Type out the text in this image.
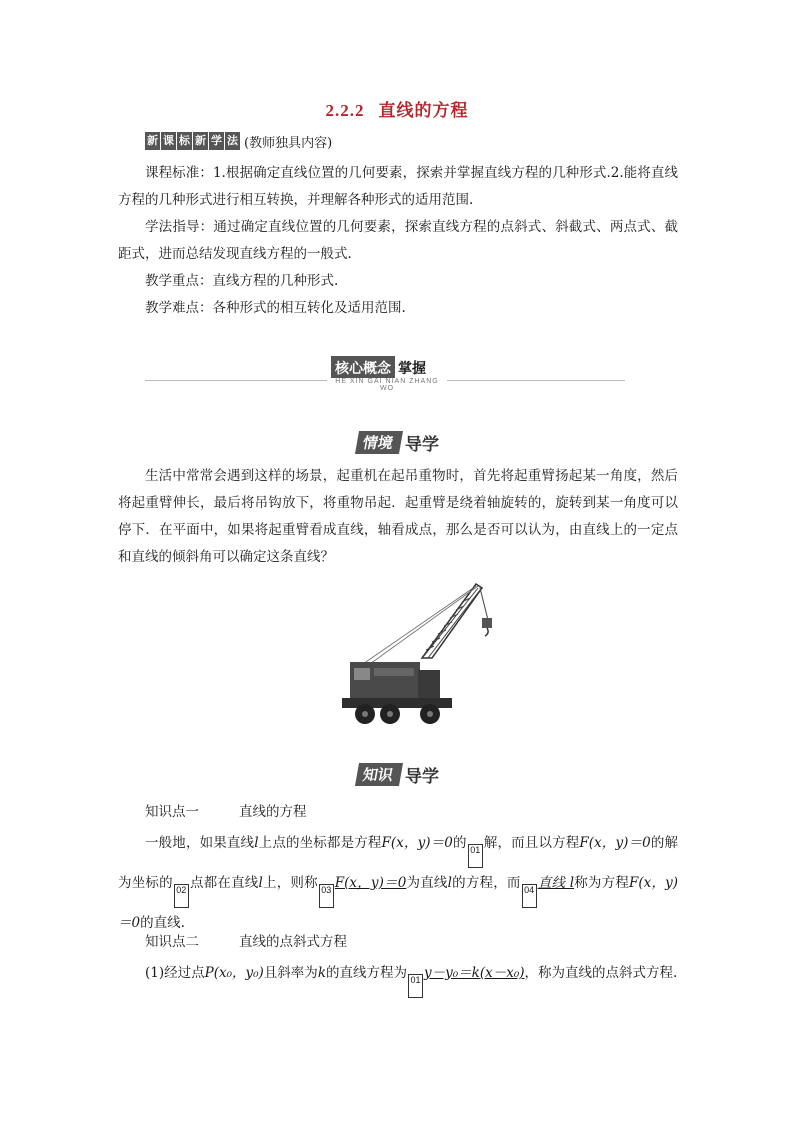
2.2.2 直线的方程
新 课 标 新 学 法 (教师独具内容)

课程标准：1.根据确定直线位置的几何要素，探索并掌握直线方程的几种形式.2.能将直线方程的几种形式进行相互转换，并理解各种形式的适用范围.

学法指导：通过确定直线位置的几何要素，探索直线方程的点斜式、斜截式、两点式、截距式，进而总结发现直线方程的一般式.

教学重点：直线方程的几种形式.

教学难点：各种形式的相互转化及适用范围.

核心概念 掌握
HE XIN GAI NIAN ZHANG WO
情境 导学

生活中常常会遇到这样的场景，起重机在起吊重物时，首先将起重臂扬起某一角度，然后将起重臂伸长，最后将吊钩放下，将重物吊起．起重臂是绕着轴旋转的，旋转到某一角度可以停下．在平面中，如果将起重臂看成直线，轴看成点，那么是否可以认为，由直线上的一定点和直线的倾斜角可以确定这条直线？

知识 导学
知识点一	直线的方程

一般地，如果直线l上点的坐标都是方程F(x，y)＝0的 01 解，而且以方程F(x，y)＝0的解为坐标的 02 点都在直线l上，则称 03 F(x，y)＝0为直线l的方程，而 04 直线 l称为方程F(x，y)＝0的直线.

知识点二	直线的点斜式方程

(1)经过点P(x₀，y₀)且斜率为k的直线方程为 01 y－y₀＝k(x－x₀)，称为直线的点斜式方程.
